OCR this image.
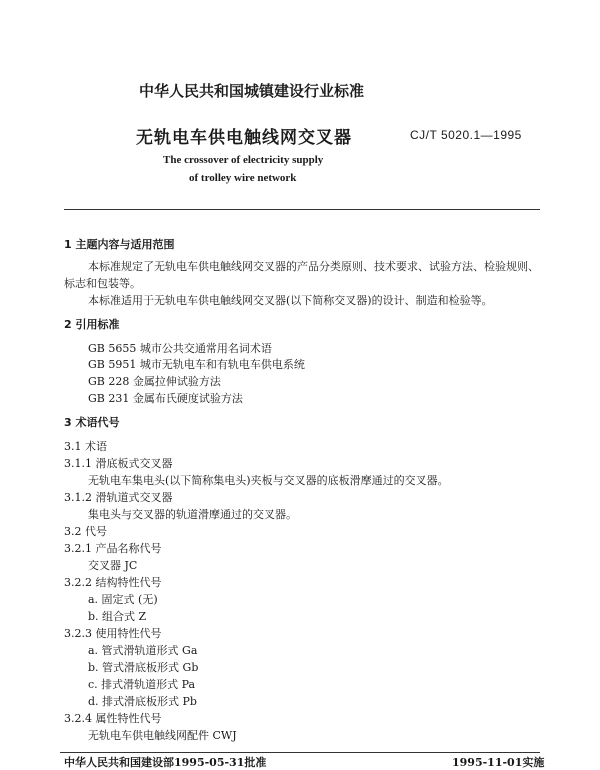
中华人民共和国城镇建设行业标准
无轨电车供电触线网交叉器	CJ/T 5020.1—1995
The crossover of electricity supply
of trolley wire network
1 主题内容与适用范围
本标准规定了无轨电车供电触线网交叉器的产品分类原则、技术要求、试验方法、检验规则、标志和包装等。
本标准适用于无轨电车供电触线网交叉器(以下简称交叉器)的设计、制造和检验等。
2 引用标准
GB 5655 城市公共交通常用名词术语
GB 5951 城市无轨电车和有轨电车供电系统
GB 228 金属拉伸试验方法
GB 231 金属布氏硬度试验方法
3 术语代号
3.1 术语
3.1.1 滑底板式交叉器
无轨电车集电头(以下简称集电头)夹板与交叉器的底板滑摩通过的交叉器。
3.1.2 滑轨道式交叉器
集电头与交叉器的轨道滑摩通过的交叉器。
3.2 代号
3.2.1 产品名称代号
交叉器 JC
3.2.2 结构特性代号
a. 固定式 (无)
b. 组合式 Z
3.2.3 使用特性代号
a. 管式滑轨道形式 Ga
b. 管式滑底板形式 Gb
c. 排式滑轨道形式 Pa
d. 排式滑底板形式 Pb
3.2.4 属性特性代号
无轨电车供电触线网配件 CWJ
中华人民共和国建设部1995-05-31批准	1995-11-01实施
